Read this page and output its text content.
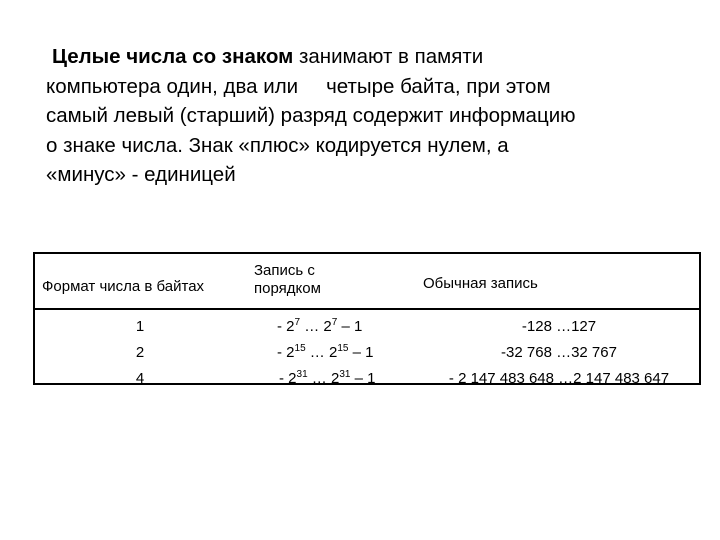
Целые числа со знаком занимают в памяти
компьютера один, два или четыре байта, при этом
самый левый (старший) разряд содержит информацию
о знаке числа. Знак «плюс» кодируется нулем, а
«минус» - единицей
Формат числа в байтах
Запись с
порядком	Обычная запись
1
2
4
- $2^7$ … $2^7 - 1$
- $2^{15}$ … $2^{15} - 1$
- $2^{31}$ … $2^{31} - 1$
-128 …127
-32 768 …32 767
- 2 147 483 648 …2 147 483 647
